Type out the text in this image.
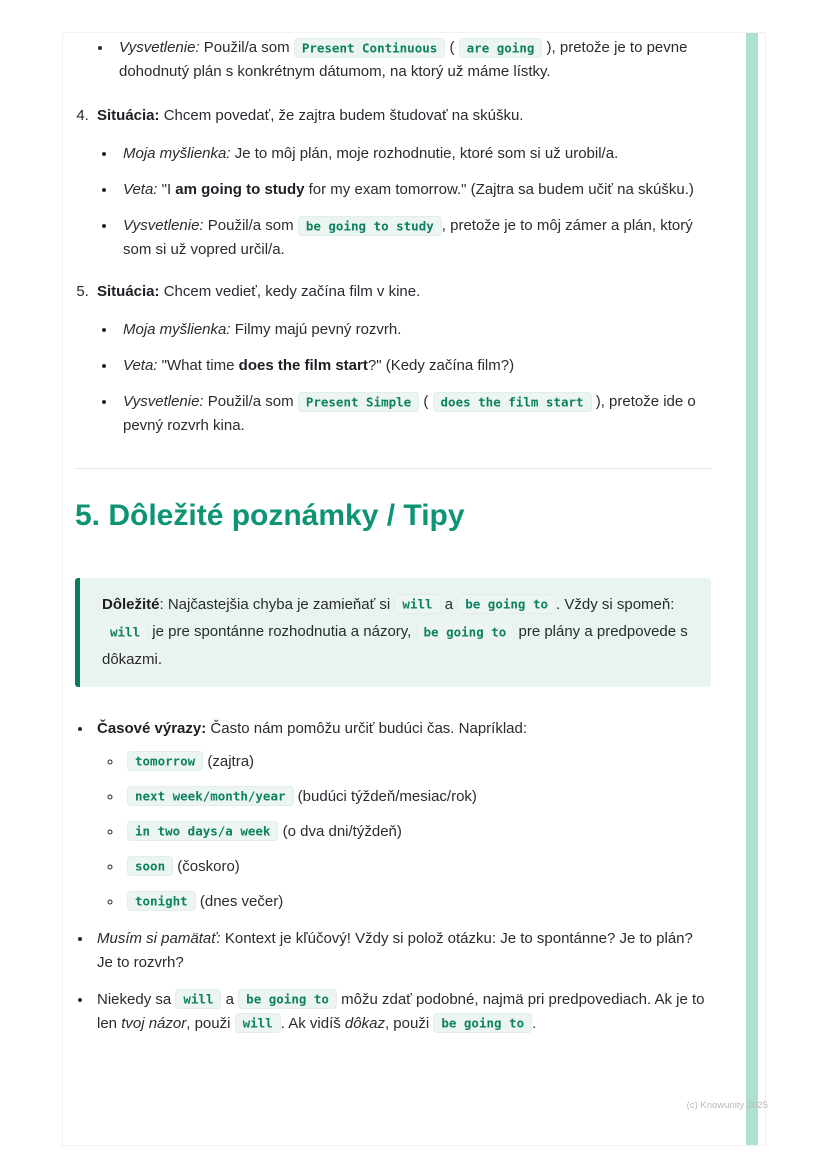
• Vysvetlenie: Použil/a som Present Continuous ( are going ), pretože je to pevne dohodnutý plán s konkrétnym dátumom, na ktorý už máme lístky.

4. Situácia: Chcem povedať, že zajtra budem študovať na skúšku.

• Moja myšlienka: Je to môj plán, moje rozhodnutie, ktoré som si už urobil/a.
• Veta: "I am going to study for my exam tomorrow." (Zajtra sa budem učiť na skúšku.)
• Vysvetlenie: Použil/a som be going to study , pretože je to môj zámer a plán, ktorý som si už vopred určil/a.

5. Situácia: Chcem vedieť, kedy začína film v kine.

• Moja myšlienka: Filmy majú pevný rozvrh.
• Veta: "What time does the film start?" (Kedy začína film?)
• Vysvetlenie: Použil/a som Present Simple ( does the film start ), pretože ide o pevný rozvrh kina.
5. Dôležité poznámky / Tipy

Dôležité: Najčastejšia chyba je zamieňať si will a be going to . Vždy si spomeň: will je pre spontánne rozhodnutia a názory, be going to pre plány a predpovede s dôkazmi.

• Časové výrazy: Často nám pomôžu určiť budúci čas. Napríklad:

◦ tomorrow (zajtra)
◦ next week/month/year (budúci týždeň/mesiac/rok)
◦ in two days/a week (o dva dni/týždeň)
◦ soon (čoskoro)
◦ tonight (dnes večer)

• Musím si pamätať: Kontext je kľúčový! Vždy si polož otázku: Je to spontánne? Je to plán? Je to rozvrh?

• Niekedy sa will a be going to môžu zdať podobné, najmä pri predpovediach. Ak je to len tvoj názor, použi will . Ak vidíš dôkaz, použi be going to .

(c) Knowunity 2025
